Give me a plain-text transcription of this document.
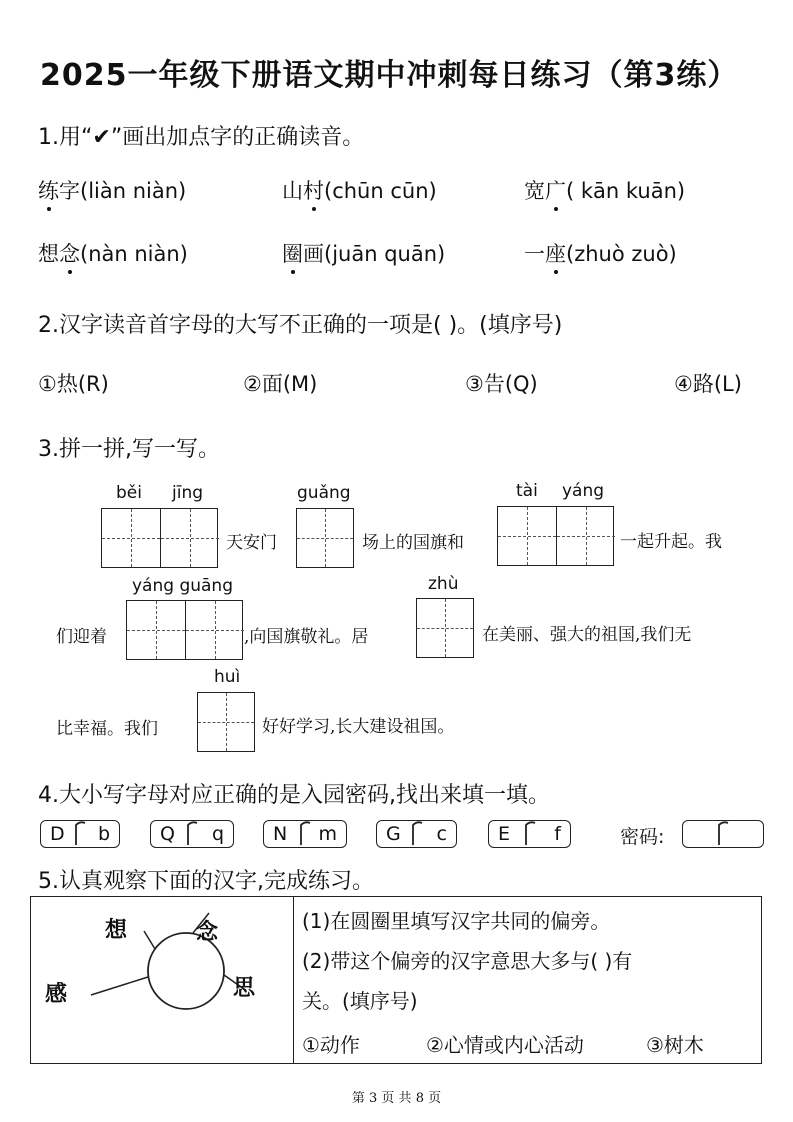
2025一年级下册语文期中冲刺每日练习（第3练）
1.用“✔”画出加点字的正确读音。
练字(liàn niàn)	山村(chūn cūn)	宽广( kān kuān)
想念(nàn niàn)	圈画(juān quān)	一座(zhuò zuò)
2.汉字读音首字母的大写不正确的一项是( )。(填序号)
①热(R)	②面(M)	③告(Q)	④路(L)
3.拼一拼,写一写。
běi jīng
天安门
guǎng
场上的国旗和
tài yáng
一起升起。我
yáng guāng
们迎着	,向国旗敬礼。居
zhù
在美丽、强大的祖国,我们无
huì
比幸福。我们	好好学习,长大建设祖国。
4.大小写字母对应正确的是入园密码,找出来填一填。
D b	Q q	N m	G c	E f	密码:
5.认真观察下面的汉字,完成练习。
想	念
感	思

(1)在圆圈里填写汉字共同的偏旁。
(2)带这个偏旁的汉字意思大多与( )有
关。(填序号)
①动作	②心情或内心活动	③树木
第 3 页 共 8 页
